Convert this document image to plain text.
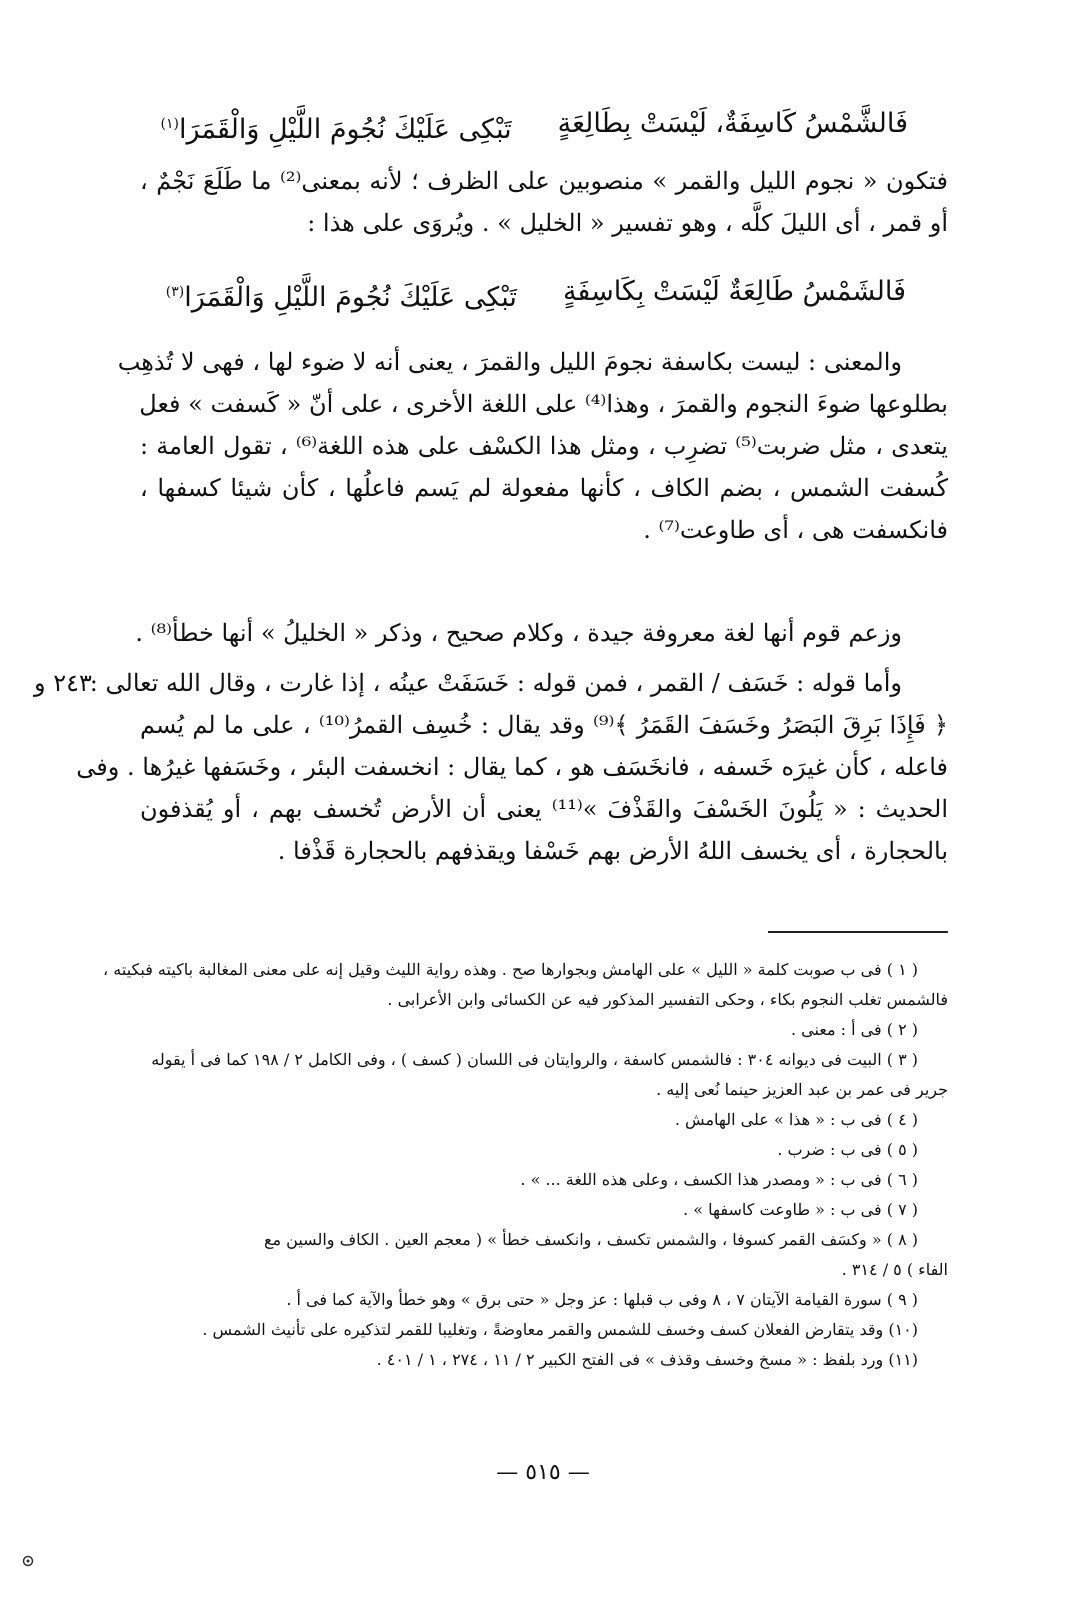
فَالشَّمْسُ كَاسِفَةٌ، لَيْسَتْ بِطَالِعَةٍ
تَبْكِى عَلَيْكَ نُجُومَ اللَّيْلِ وَالْقَمَرَا$^{(١)}$
فتكون « نجوم الليل والقمر » منصوبين على الظرف ؛ لأنه بمعنى⁽²⁾ ما طَلَعَ نَجْمٌ ،
أو قمر ، أى الليلَ كلَّه ، وهو تفسير « الخليل » . ويُروَى على هذا :
فَالشَمْسُ طَالِعَةٌ لَيْسَتْ بِكَاسِفَةٍ
تَبْكِى عَلَيْكَ نُجُومَ اللَّيْلِ وَالْقَمَرَا$^{(٣)}$
والمعنى : ليست بكاسفة نجومَ الليل والقمرَ ، يعنى أنه لا ضوء لها ، فهى لا تُذهِب
بطلوعها ضوءَ النجوم والقمرَ ، وهذا⁽⁴⁾ على اللغة الأخرى ، على أنّ « كَسفت » فعل
يتعدى ، مثل ضربت⁽⁵⁾ تضرِب ، ومثل هذا الكسْف على هذه اللغة⁽⁶⁾ ، تقول العامة :
كُسفت الشمس ، بضم الكاف ، كأنها مفعولة لم يَسم فاعلُها ، كأن شيئا كسفها ،
فانكسفت هى ، أى طاوعت⁽⁷⁾ .
وزعم قوم أنها لغة معروفة جيدة ، وكلام صحيح ، وذكر « الخليلُ » أنها خطأ⁽⁸⁾ .
٢٤٣ و
وأما قوله : خَسَف / القمر ، فمن قوله : خَسَفَتْ عينُه ، إذا غارت ، وقال الله تعالى :
﴿ فَإِذَا بَرِقَ البَصَرُ وخَسَفَ القَمَرُ ﴾⁽⁹⁾ وقد يقال : خُسِف القمرُ⁽¹⁰⁾ ، على ما لم يُسم
فاعله ، كأن غيرَه خَسفه ، فانخَسَف هو ، كما يقال : انخسفت البئر ، وخَسَفها غيرُها . وفى
الحديث : « يَلُونَ الخَسْفَ والقَذْفَ »⁽¹¹⁾ يعنى أن الأرض تُخسف بهم ، أو يُقذفون
بالحجارة ، أى يخسف اللهُ الأرض بهم خَسْفا ويقذفهم بالحجارة قَذْفا .
( ١ ) فى ب صوبت كلمة « الليل » على الهامش وبجوارها صح . وهذه رواية الليث وقيل إنه على معنى المغالبة باكيته فبكيته ،
فالشمس تغلب النجوم بكاء ، وحكى التفسير المذكور فيه عن الكسائى وابن الأعرابى .
( ٢ ) فى أ : معنى .
( ٣ ) البيت فى ديوانه ٣٠٤ : فالشمس كاسفة ، والروايتان فى اللسان ( كسف ) ، وفى الكامل ٢ / ١٩٨ كما فى أ يقوله
جرير فى عمر بن عبد العزيز حينما نُعى إليه .
( ٤ ) فى ب : « هذا » على الهامش .
( ٥ ) فى ب : ضرب .
( ٦ ) فى ب : « ومصدر هذا الكسف ، وعلى هذه اللغة ... » .
( ٧ ) فى ب : « طاوعت كاسفها » .
( ٨ ) « وكسَف القمر كسوفا ، والشمس تكسف ، وانكسف خطأ » ( معجم العين . الكاف والسين مع
الفاء ) ٥ / ٣١٤ .
( ٩ ) سورة القيامة الآيتان ٧ ، ٨ وفى ب قبلها : عز وجل « حتى برق » وهو خطأ والآية كما فى أ .
(١٠) وقد يتقارض الفعلان كسف وخسف للشمس والقمر معاوضةً ، وتغليبا للقمر لتذكيره على تأنيث الشمس .
(١١) ورد بلفظ : « مسخ وخسف وقذف » فى الفتح الكبير ٢ / ١١ ، ٢٧٤ ، ١ / ٤٠١ .
— ٥١٥ —
